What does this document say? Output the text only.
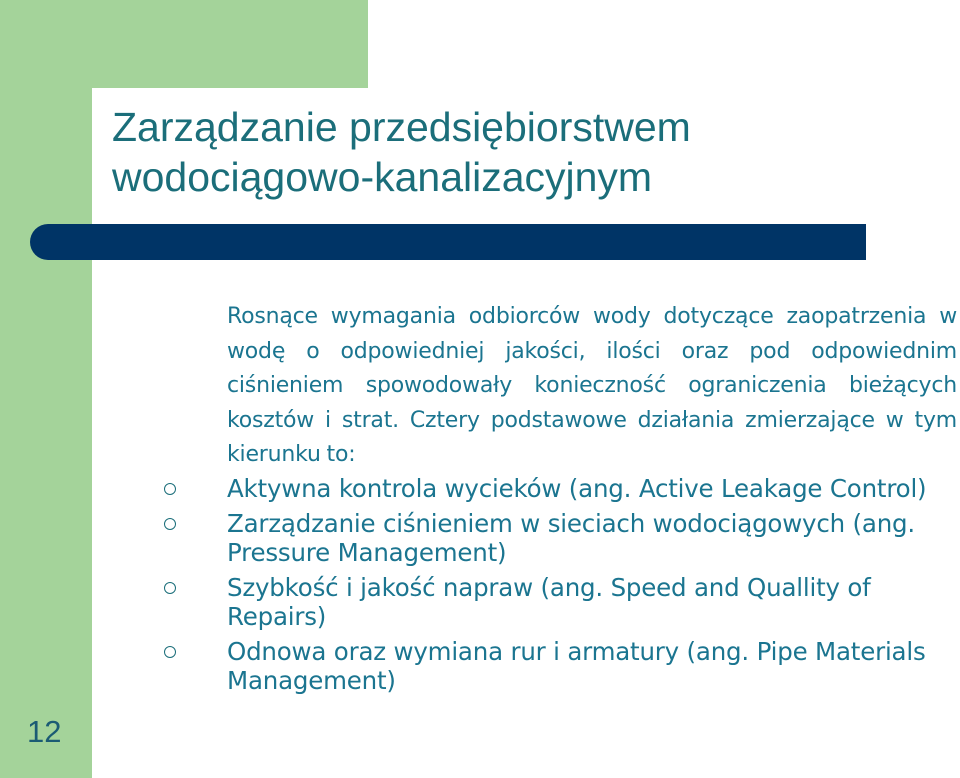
Zarządzanie przedsiębiorstwem
wodociągowo-kanalizacyjnym

Rosnące wymagania odbiorców wody dotyczące zaopatrzenia w wodę o odpowiedniej jakości, ilości oraz pod odpowiednim ciśnieniem spowodowały konieczność ograniczenia bieżących kosztów i strat. Cztery podstawowe działania zmierzające w tym kierunku to:

Aktywna kontrola wycieków (ang. Active Leakage Control)
Zarządzanie ciśnieniem w sieciach wodociągowych (ang. Pressure Management)
Szybkość i jakość napraw (ang. Speed and Quallity of Repairs)
Odnowa oraz wymiana rur i armatury (ang. Pipe Materials Management)
12
